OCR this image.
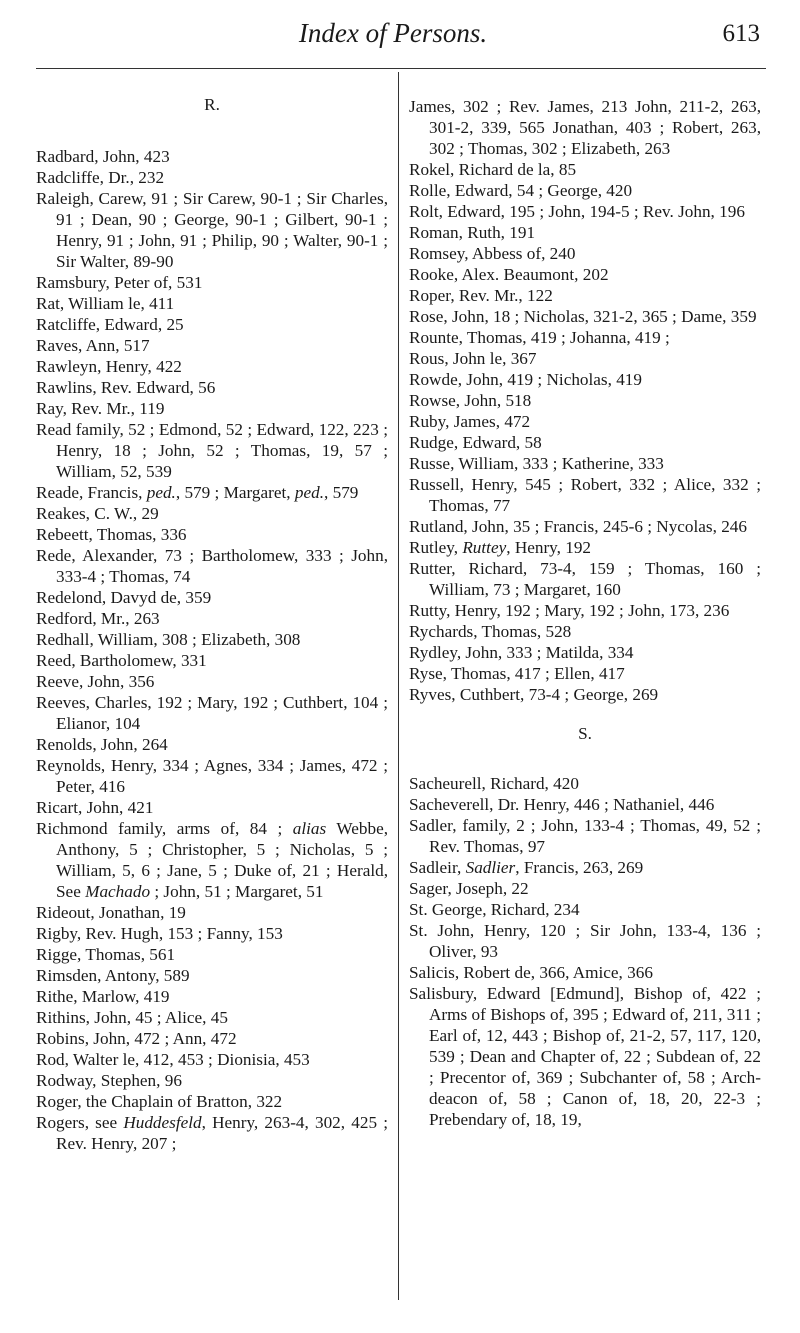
Index of Persons.	613

R.

Radbard, John, 423

Radcliffe, Dr., 232

Raleigh, Carew, 91 ; Sir Carew, 90-1 ; Sir Charles, 91 ; Dean, 90 ; George, 90-1 ; Gilbert, 90-1 ; Henry, 91 ; John, 91 ; Philip, 90 ; Walter, 90-1 ; Sir Walter, 89-90

Ramsbury, Peter of, 531

Rat, William le, 411

Ratcliffe, Edward, 25

Raves, Ann, 517

Rawleyn, Henry, 422

Rawlins, Rev. Edward, 56

Ray, Rev. Mr., 119

Read family, 52 ; Edmond, 52 ; Edward, 122, 223 ; Henry, 18 ; John, 52 ; Thomas, 19, 57 ; William, 52, 539

Reade, Francis, ped., 579 ; Margaret, ped., 579

Reakes, C. W., 29

Rebeett, Thomas, 336

Rede, Alexander, 73 ; Bartholomew, 333 ; John, 333-4 ; Thomas, 74

Redelond, Davyd de, 359

Redford, Mr., 263

Redhall, William, 308 ; Elizabeth, 308

Reed, Bartholomew, 331

Reeve, John, 356

Reeves, Charles, 192 ; Mary, 192 ; Cuthbert, 104 ; Elianor, 104

Renolds, John, 264

Reynolds, Henry, 334 ; Agnes, 334 ; James, 472 ; Peter, 416

Ricart, John, 421

Richmond family, arms of, 84 ; alias Webbe, Anthony, 5 ; Christopher, 5 ; Nicholas, 5 ; William, 5, 6 ; Jane, 5 ; Duke of, 21 ; Herald, See Machado ; John, 51 ; Margaret, 51

Rideout, Jonathan, 19

Rigby, Rev. Hugh, 153 ; Fanny, 153

Rigge, Thomas, 561

Rimsden, Antony, 589

Rithe, Marlow, 419

Rithins, John, 45 ; Alice, 45

Robins, John, 472 ; Ann, 472

Rod, Walter le, 412, 453 ; Dionisia, 453

Rodway, Stephen, 96

Roger, the Chaplain of Bratton, 322

Rogers, see Huddesfeld, Henry, 263-4, 302, 425 ; Rev. Henry, 207 ;

James, 302 ; Rev. James, 213 John, 211-2, 263, 301-2, 339, 565 Jonathan, 403 ; Robert, 263, 302 ; Thomas, 302 ; Elizabeth, 263

Rokel, Richard de la, 85

Rolle, Edward, 54 ; George, 420

Rolt, Edward, 195 ; John, 194-5 ; Rev. John, 196

Roman, Ruth, 191

Romsey, Abbess of, 240

Rooke, Alex. Beaumont, 202

Roper, Rev. Mr., 122

Rose, John, 18 ; Nicholas, 321-2, 365 ; Dame, 359

Rounte, Thomas, 419 ; Johanna, 419 ;

Rous, John le, 367

Rowde, John, 419 ; Nicholas, 419

Rowse, John, 518

Ruby, James, 472

Rudge, Edward, 58

Russe, William, 333 ; Katherine, 333

Russell, Henry, 545 ; Robert, 332 ; Alice, 332 ; Thomas, 77

Rutland, John, 35 ; Francis, 245-6 ; Nycolas, 246

Rutley, Ruttey, Henry, 192

Rutter, Richard, 73-4, 159 ; Thomas, 160 ; William, 73 ; Margaret, 160

Rutty, Henry, 192 ; Mary, 192 ; John, 173, 236

Rychards, Thomas, 528

Rydley, John, 333 ; Matilda, 334

Ryse, Thomas, 417 ; Ellen, 417

Ryves, Cuthbert, 73-4 ; George, 269

S.

Sacheurell, Richard, 420

Sacheverell, Dr. Henry, 446 ; Nathaniel, 446

Sadler, family, 2 ; John, 133-4 ; Thomas, 49, 52 ; Rev. Thomas, 97

Sadleir, Sadlier, Francis, 263, 269

Sager, Joseph, 22

St. George, Richard, 234

St. John, Henry, 120 ; Sir John, 133-4, 136 ; Oliver, 93

Salicis, Robert de, 366, Amice, 366

Salisbury, Edward [Edmund], Bishop of, 422 ; Arms of Bishops of, 395 ; Edward of, 211, 311 ; Earl of, 12, 443 ; Bishop of, 21-2, 57, 117, 120, 539 ; Dean and Chapter of, 22 ; Subdean of, 22 ; Precentor of, 369 ; Subchanter of, 58 ; Arch-deacon of, 58 ; Canon of, 18, 20, 22-3 ; Prebendary of, 18, 19,
